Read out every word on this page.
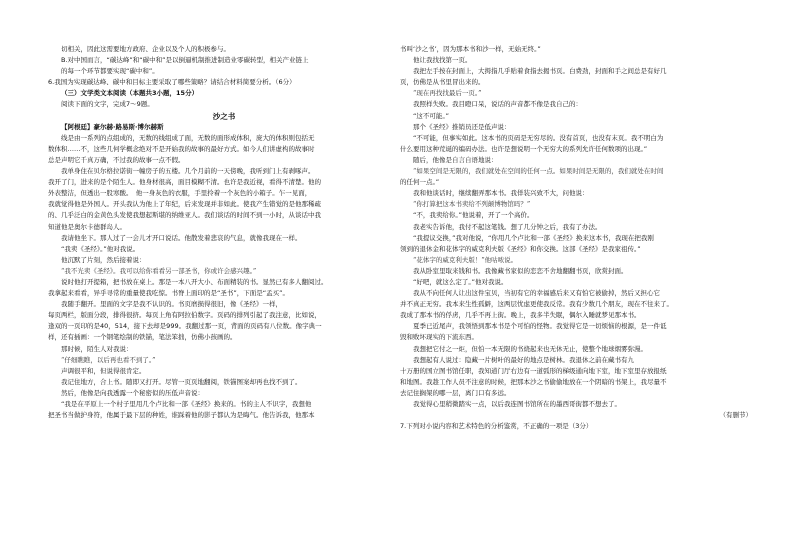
切相关，因此这需要地方政府、企业以及个人的积极参与。

B.对中国而言，“碳达峰”和“碳中和”是以倒逼机制推进制造业零碳转型，相关产业链上

的每一个环节都要实现“碳中和”。

6.我国为实现碳达峰、碳中和目标主要采取了哪些策略？请结合材料简要分析。（6分）

（三）文学类文本阅读（本题共3小题，15分）

阅读下面的文字，完成7～9题。

沙之书

【阿根廷】豪尔赫·路易斯·博尔赫斯

线是由一系列的点组成的，无数的线组成了面，无数的面形成体积，庞大的体积则包括无

数体积……不，这些几何学概念绝对不是开始我的故事的最好方式。如今人们讲虚构的故事时

总是声明它千真万确，不过我的故事一点不假。

我单身住在贝尔格拉诺街一幢房子的五楼。几个月前的一天傍晚，我听到门上有剥啄声。

我开了门，进来的是个陌生人。他身材很高，面目模糊不清。也许是我近视，看得不清楚。他的

外表整洁，但透出一股寒酸。　他一身灰色的衣服，手里拎着一个灰色的小箱子。乍一见面，

我就觉得他是外国人。开头我认为他上了年纪，后来发现并非如此。使我产生错觉的是他那稀疏

的、几乎泛白的金黄色头发使我想起斯堪的纳维亚人。我们谈话的时间不到一小时，从谈话中我

知道他是奥尔卡德群岛人。

我请他坐下。那人过了一会儿才开口说话。他散发着悲哀的气息，就像我现在一样。

“我卖《圣经》。”他对我说。

他沉默了片刻，然后接着说：

“我不光卖《圣经》。我可以给你看看另一部圣书，你或许会感兴趣。”

说时他打开提箱，把书放在桌上。那是一本八开大小、布面精装的书。显然已有多人翻阅过。

我拿起来看看，异乎寻常的重量使我吃惊。书脊上面印的是“圣书”，下面是“孟买”。

我随手翻开。里面的文字是我不认识的。书页磨损得很旧，像《圣经》一样，

每页两栏，版面分段，排得很挤。每页上角有阿拉伯数字。页码的排列引起了我注意，比如说，

逢双的一页印的是40，514，接下去却是999。我翻过那一页，背面的页码有八位数。像字典一

样，还有插画：一个钢笔绘制的铁锚，笔法笨拙，仿佛小孩画的。

那时候，陌生人对我说：

“仔细瞧瞧，以后再也看不到了。”

声调很平和，但说得很肯定。

我记住地方，合上书。随即又打开。尽管一页页地翻阅，铁锚图案却再也找不到了。

然后，他像是向我透露一个秘密似的压低声音说：

“我是在平原上一个村子里用几个卢比和一部《圣经》换来的。书的主人不识字，我想他

把圣书当做护身符，他属于最下层的种姓，谁踩着他的影子都认为是晦气。他告诉我，他那本

书叫‘沙之书’，因为那本书和沙一样，无始无终。”

他让我找找第一页。

我把左手按在封面上，大拇指几乎贴着食指去揭书页。白费劲，封面和手之间总是有好几

页，仿佛是从书里冒出来的。

“现在再找找最后一页。”

我照样失败。我目瞪口呆，说话的声音都不像是我自己的：

“这不可能。”

那个《圣经》推销员还是低声说：

“不可能，但事实如此。这本书的页码是无穷尽的。没有首页，也没有末页。我不明白为

什么要用这种荒诞的编码办法。也许是想说明一个无穷大的系列允许任何数项的出现。”

随后，他像是自言自语地说：

“如果空间是无限的，我们就处在空间的任何一点。如果时间是无限的，我们就处在时间

的任何一点。”

我和他谈话时，继续翻弄那本书。我佯装兴致不大，问他说：

“你打算把这本书卖给不列颠博物馆吗？”

“不，我卖给你。”他说着，开了一个高价。

我老实告诉他，我付不起这笔钱。想了几分钟之后，我有了办法。

“我提议交换，”我对他说，“你用几个卢比和一部《圣经》换来这本书，我现在把我刚

领到的退休金和花体字的威克利夫版《圣经》和你交换。这部《圣经》是我家祖传。”

“花体字的威克利夫版！”他咕哝说。

我从卧室里取来钱和书。我像藏书家似的恋恋不舍地翻翻书页，欣赏封面。

“好吧，就这么定了。”他对我说。

我从不向任何人让出这件宝贝，当初有它的幸福感后来又有怕它被偷掉，然后又担心它

并不真正无穷。我本来生性孤僻，这两层忧虑更使我反常。我有少数几个朋友，现在不往来了。

我成了那本书的俘虏，几乎不再上街。晚上，我多半失眠，偶尔入睡就梦见那本书。

夏季已近尾声，我领悟到那本书是个可怕的怪物。我觉得它是一切烦恼的根源，是一件诋

毁和败坏现实的下流东西。

我想把它付之一炬，但怕一本无限的书烧起来也无休无止，使整个地球烟雾弥漫。

我想起有人说过：隐藏一片树叶的最好的地点是树林。我退休之前在藏书有九

十万册的国立图书馆任职，我知道门厅右边有一道弧形的梯级通向地下室，地下室里存放报纸

和地图。我趁工作人员不注意的时候，把那本沙之书偷偷地放在一个阴暗的书架上，我尽量不

去记住搁架的哪一层，离门口有多远。

我觉得心里稍微踏实一点，以后我连图书馆所在的墨西哥街都不想去了。

（有删节）

7.下列对小说内容和艺术特色的分析鉴赏，不正确的一项是（3分）
